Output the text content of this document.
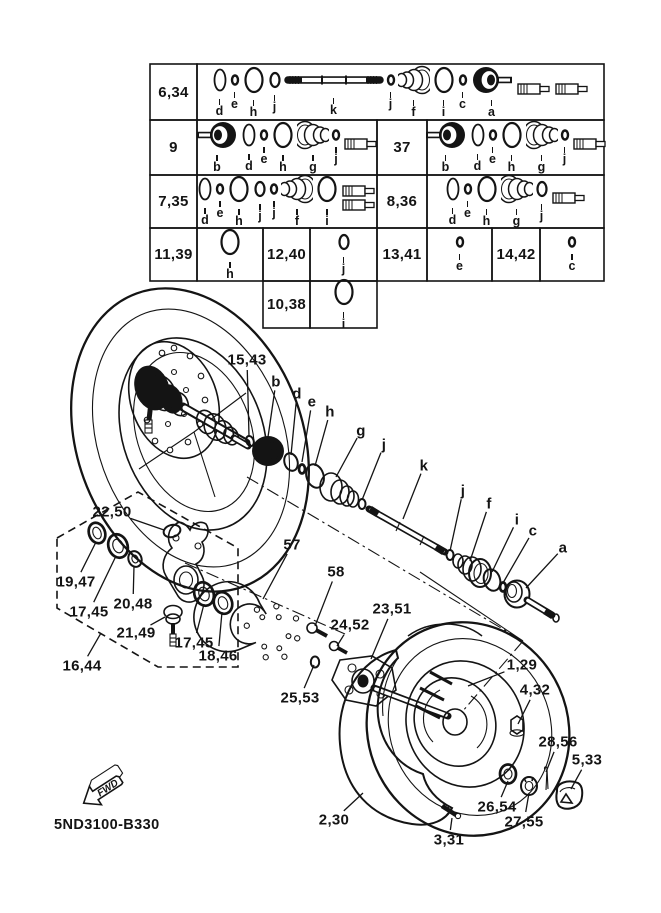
FWD
6,34
d e
h j	k	j
f i
c
a
9
b d e
h g
j
37
b d e
h g
j
7,35
d e
h j j
f i
8,36
d e
h g j
11,39
h
12,40
j
13,41
e
14,42
c
10,38
i
15,43
b
d e
h
g
j
k
j
f
i
c
a
22,50
19,47
17,45 20,48
21,49
17,45
18,46
16,44
57
58
24,52
23,51
25,53
1,29
4,32
28,56
5,33
26,54
27,55
2,30
3,31
5ND3100-B330
